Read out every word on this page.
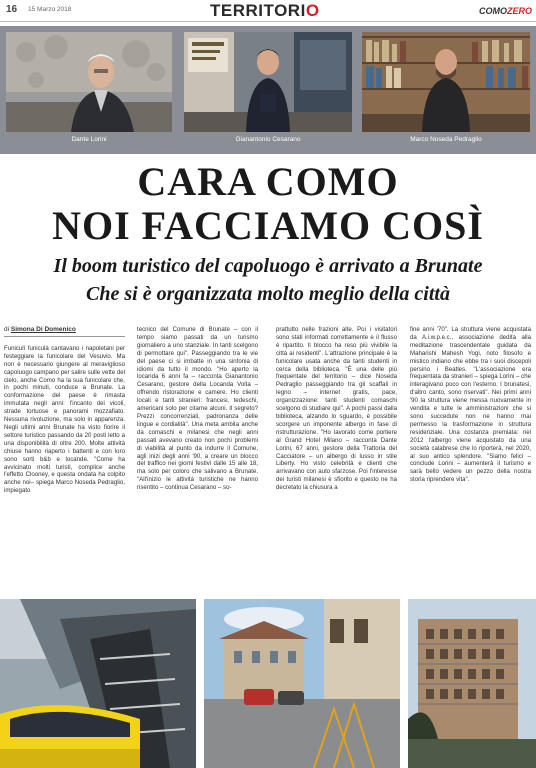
16 15 Marzo 2018	TERRITORIO	COMOZERO
Dante Lorini	Gianantonio Cesarano	Marco Noseda Pedraglio
CARA COMO
NOI FACCIAMO COSÌ
Il boom turistico del capoluogo è arrivato a Brunate
Che si è organizzata molto meglio della città
di Simona Di Domenico

Funiculì funiculà cantavano i napoletani per festeggiare la funicolare del Vesuvio. Ma non è necessario giungere al meraviglioso capoluogo campano per salire sulle vette del cielo, anche Como ha la sua funicolare che, in pochi minuti, conduce a Brunate. La conformazione del paese è rimasta immutata negli anni: l'incanto dei vicoli, strade tortuose e panorami mozzafiato. Nessuna rivoluzione, ma solo in apparenza. Negli ultimi anni Brunate ha visto fiorire il settore turistico passando da 20 posti letto a una disponibilità di oltre 200. Molte attività chiuse hanno riaperto i battenti e con loro sono sorti b&b e locande. "Come ha avvicinato molti turisti, complice anche l'effetto Clooney, e questa ondata ha colpito anche noi– spiega Marco Noseda Pedraglio, impiegato

tecnico del Comune di Brunate – con il tempo siamo passati da un turismo giornaliero a uno stanziale. In tanti scelgono di permottare qui". Passeggiando tra le vie del paese ci si imbatte in una sinfonia di idiomi da tutto il mondo. "Ho aperto la locanda 6 anni fa – racconta Gianantonio Cesarano, gestore della Locanda Volta – offrendo ristorazione e camere. Ho clienti locali e tanti stranieri: francesi, tedeschi, americani solo per citarne alcuni. Il segreto? Prezzi concorrenziali, padronanza delle lingue e cordialità". Una meta ambita anche da comaschi e milanesi che negli anni passati avevano creato non pochi problemi di viabilità al punto da indurre il Comune, agli inizi degli anni '90, a creare un blocco del traffico nei giorni festivi dalle 15 alle 18, ma solo per coloro che salivano a Brunate. "All'inizio le attività turistiche ne hanno risentito – continua Cesarano – so-

prattutto nelle frazioni alte. Poi i visitatori sono stati informati correttamente e il flusso è ripartito. Il blocco ha reso più vivibile la città ai residenti". L'attrazione principale è la funicolare usata anche da tanti studenti in cerca della biblioteca. "È una delle più frequentate del territorio – dice Noseda Pedraglio passeggiando tra gli scaffali in legno – internet gratis, pace, organizzazione: tanti studenti comaschi scelgono di studiare qui". A pochi passi dalla biblioteca, alzando lo sguardo, è possibile scorgere un imponente albergo in fase di ristrutturazione. "Ho lavorato come portiere al Grand Hotel Milano – racconta Dante Lorini, 67 anni, gestore della Trattoria del Cacciatore – un albergo di lusso in stile Liberty. Ho visto celebrità e clienti che arrivavano con auto sfarzose. Poi l'interesse dei turisti milanesi è sfiorito e questo ne ha decretato la chiusura a

fine anni '70". La struttura viene acquistata da A.i.w.p.e.c., associazione dedita alla meditazione trascendentale guidata da Maharishi Mahesh Yogi, noto filosofo e mistico indiano che ebbe tra i suoi discepoli persino i Beatles. "L'associazione era frequentata da stranieri – spiega Lorini – che interagivano poco con l'esterno. I brunatesi, d'altro canto, sono riservati". Nei primi anni '90 la struttura viene messa nuovamente in vendita e tutte le amministrazioni che si sono succedute non ne hanno mai permesso la trasformazione in struttura residenziale. Una costanza premiata: nel 2012 l'albergo viene acquistato da una società calabrese che lo riporterà, nel 2020, al suo antico splendore. "Siamo felici – conclude Lorini – aumenterà il turismo e sarà bello vedere un pezzo della nostra storia riprendere vita".
